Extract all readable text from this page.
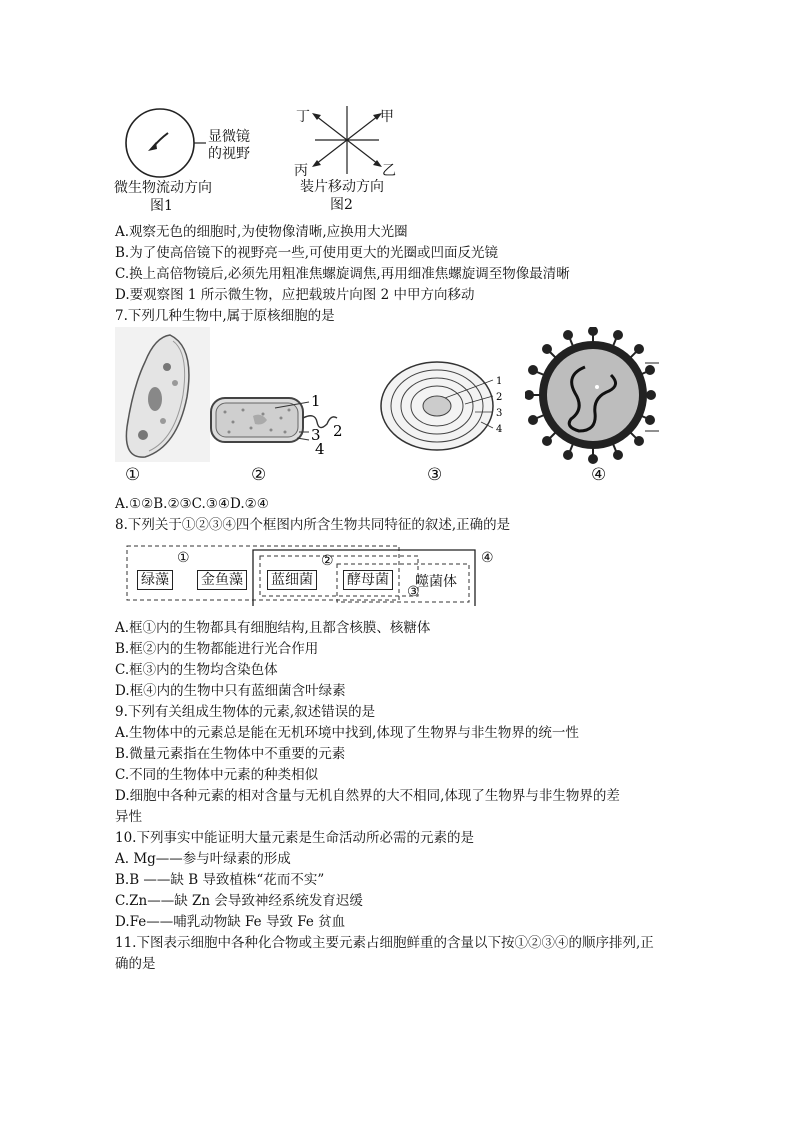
显微镜
的视野
微生物流动方向
图1
丁	甲
丙	乙
装片移动方向
图2
A.观察无色的细胞时,为使物像清晰,应换用大光圈
B.为了使高倍镜下的视野亮一些,可使用更大的光圈或凹面反光镜
C.换上高倍物镜后,必须先用粗准焦螺旋调焦,再用细准焦螺旋调至物像最清晰
D.要观察图 1 所示微生物，应把载玻片向图 2 中甲方向移动
7.下列几种生物中,属于原核细胞的是
①
1
2
3
4
②
1
2
3
4
③	④
A.①②B.②③C.③④D.②④
8.下列关于①②③④四个框图内所含生物共同特征的叙述,正确的是
①	②
③
④
绿藻 金鱼藻 蓝细菌 酵母菌 噬菌体
A.框①内的生物都具有细胞结构,且都含核膜、核糖体
B.框②内的生物都能进行光合作用
C.框③内的生物均含染色体
D.框④内的生物中只有蓝细菌含叶绿素
9.下列有关组成生物体的元素,叙述错误的是
A.生物体中的元素总是能在无机环境中找到,体现了生物界与非生物界的统一性
B.微量元素指在生物体中不重要的元素
C.不同的生物体中元素的种类相似
D.细胞中各种元素的相对含量与无机自然界的大不相同,体现了生物界与非生物界的差
异性
10.下列事实中能证明大量元素是生命活动所必需的元素的是
A. Mg——参与叶绿素的形成
B.B ——缺 B 导致植株“花而不实”
C.Zn——缺 Zn 会导致神经系统发育迟缓
D.Fe——哺乳动物缺 Fe 导致 Fe 贫血
11.下图表示细胞中各种化合物或主要元素占细胞鲜重的含量以下按①②③④的顺序排列,正
确的是
